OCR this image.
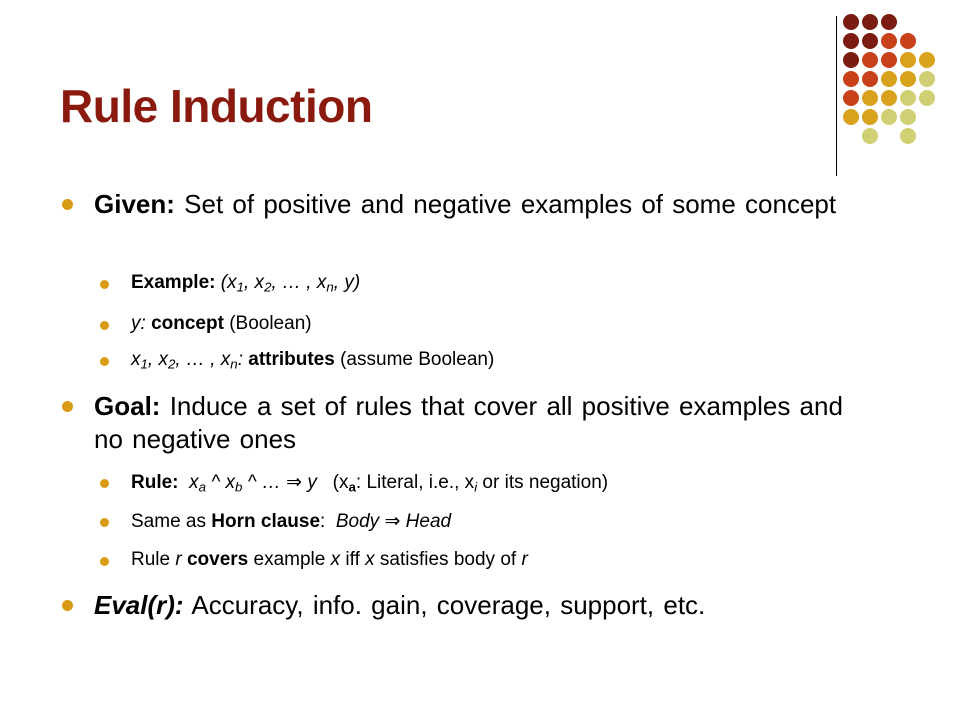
Rule Induction
Given: Set of positive and negative examples of some concept
Example: ($x_1$, $x_2$, … , $x_n$, y)
y: concept (Boolean)
$x_1$, $x_2$, … , $x_n$: attributes (assume Boolean)
Goal: Induce a set of rules that cover all positive examples and no negative ones
Rule: $x_a$ ^ $x_b$ ^ … ⇒ y ($x_a$: Literal, i.e., $x_i$ or its negation)
Same as Horn clause: Body ⇒ Head
Rule r covers example x iff x satisfies body of r
Eval(r): Accuracy, info. gain, coverage, support, etc.
